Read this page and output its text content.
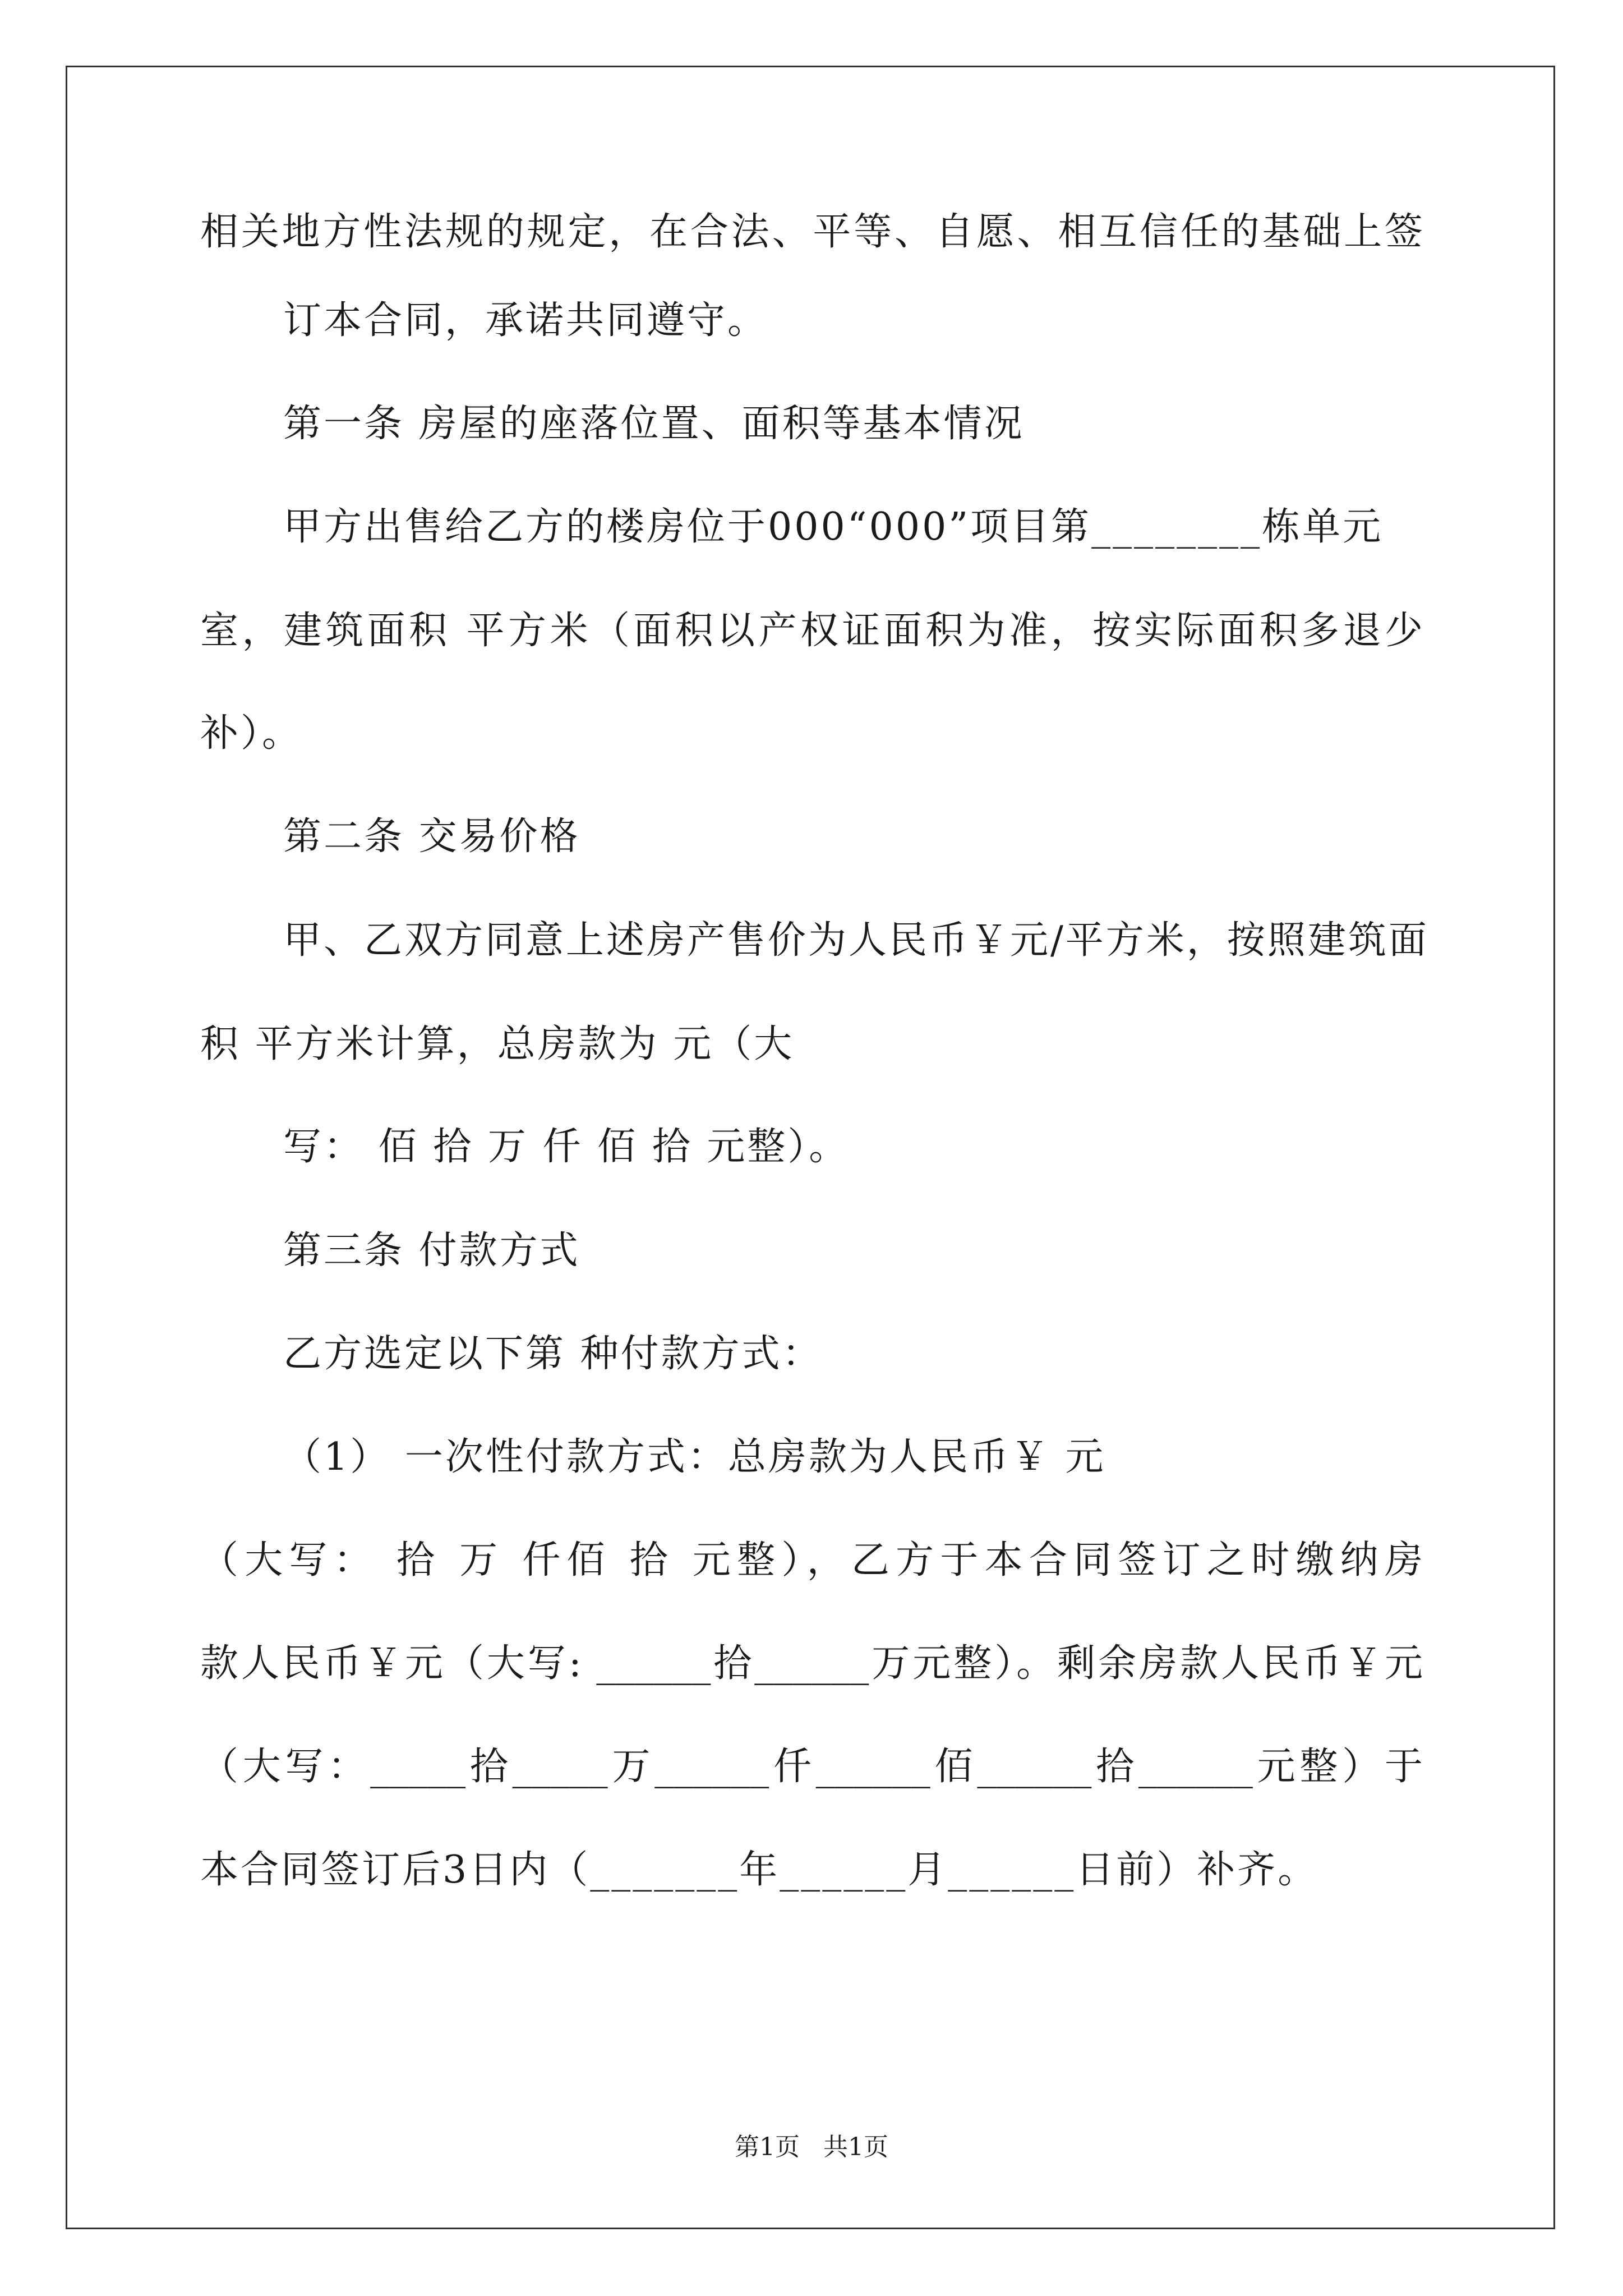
相关地方性法规的规定，在合法、平等、自愿、相互信任的基础上签
订本合同，承诺共同遵守。
第一条 房屋的座落位置、面积等基本情况
甲方出售给乙方的楼房位于000“000”项目第________栋单元
室，建筑面积 平方米（面积以产权证面积为准，按实际面积多退少
补）。
第二条 交易价格
甲、乙双方同意上述房产售价为人民币￥元/平方米，按照建筑面
积 平方米计算，总房款为 元（大
写： 佰 拾 万 仟 佰 拾 元整）。
第三条 付款方式
乙方选定以下第 种付款方式：
（1） 一次性付款方式：总房款为人民币￥ 元
（大写： 拾 万 仟佰 拾 元整），乙方于本合同签订之时缴纳房
款人民币￥元（大写: ______拾______万元整）。剩余房款人民币￥元
（大写：_____拾_____万______仟______佰______拾______元整）于
本合同签订后3日内（_______年______月______日前）补齐。
第1页   共1页
